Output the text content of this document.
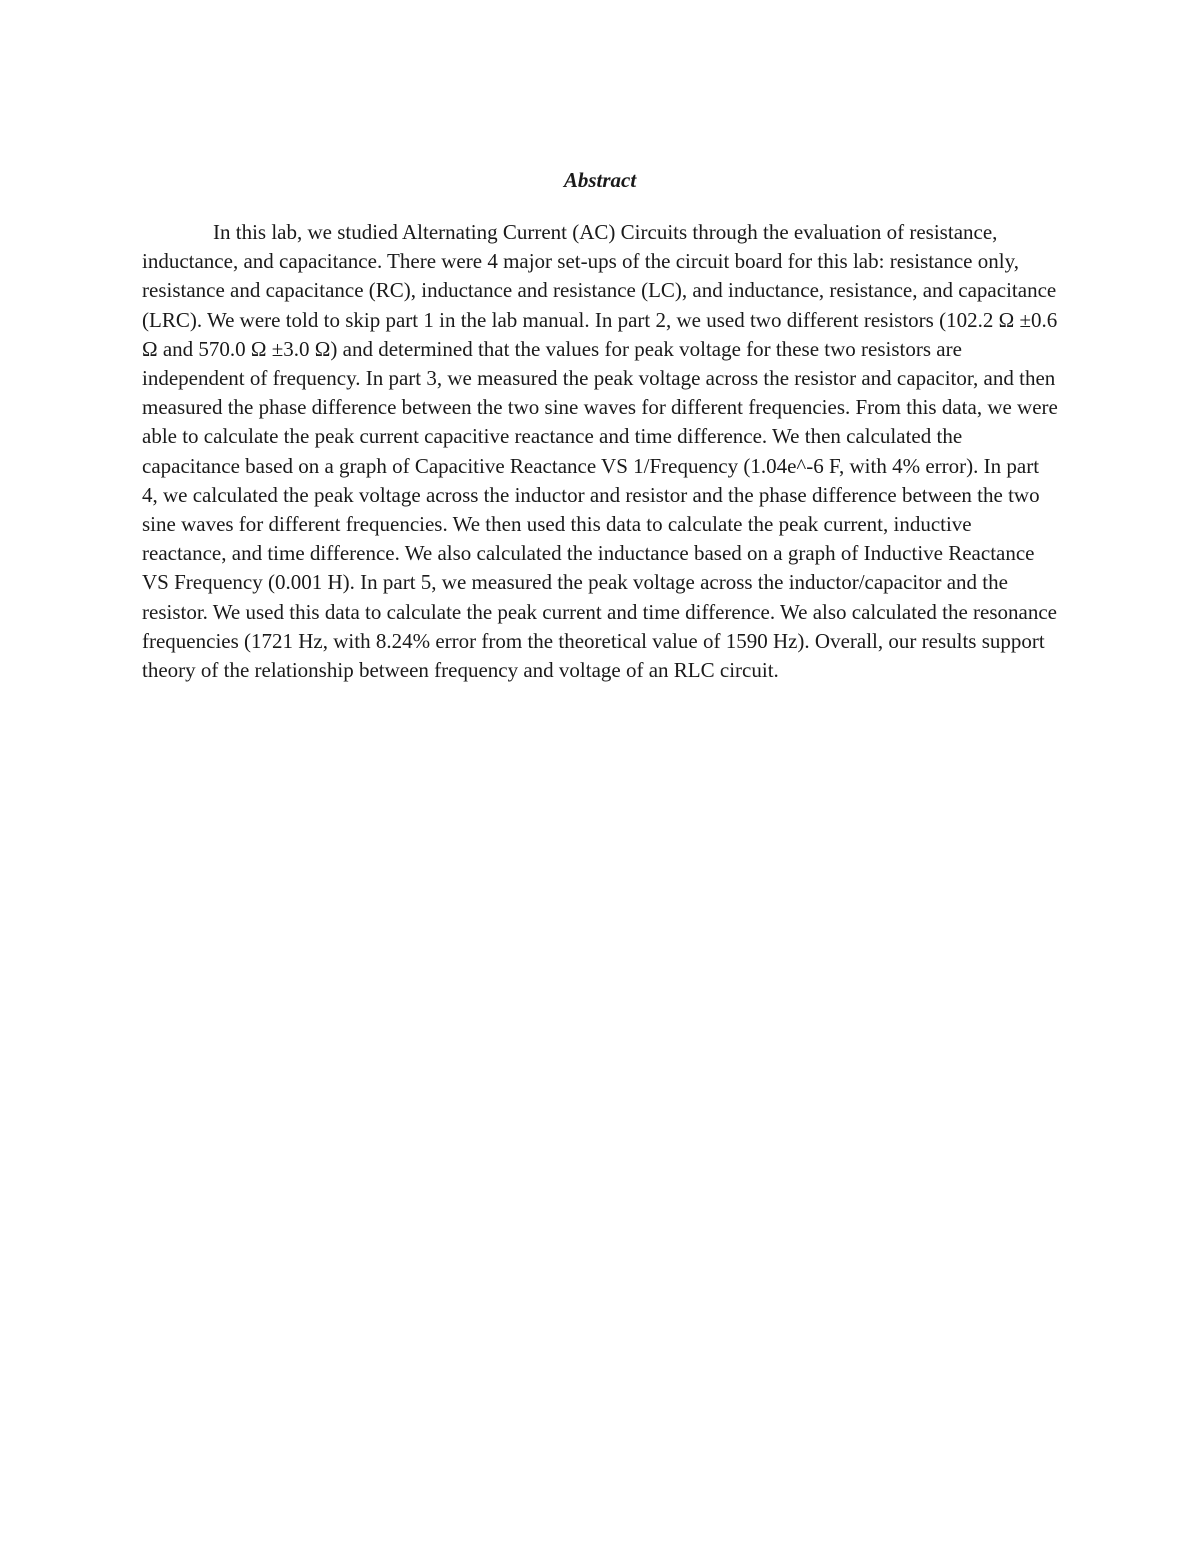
Abstract

In this lab, we studied Alternating Current (AC) Circuits through the evaluation of resistance, inductance, and capacitance. There were 4 major set-ups of the circuit board for this lab: resistance only, resistance and capacitance (RC), inductance and resistance (LC), and inductance, resistance, and capacitance (LRC). We were told to skip part 1 in the lab manual. In part 2, we used two different resistors (102.2 Ω ±0.6 Ω and 570.0 Ω ±3.0 Ω) and determined that the values for peak voltage for these two resistors are independent of frequency. In part 3, we measured the peak voltage across the resistor and capacitor, and then measured the phase difference between the two sine waves for different frequencies. From this data, we were able to calculate the peak current capacitive reactance and time difference. We then calculated the capacitance based on a graph of Capacitive Reactance VS 1/Frequency (1.04e^-6 F, with 4% error). In part 4, we calculated the peak voltage across the inductor and resistor and the phase difference between the two sine waves for different frequencies. We then used this data to calculate the peak current, inductive reactance, and time difference. We also calculated the inductance based on a graph of Inductive Reactance VS Frequency (0.001 H). In part 5, we measured the peak voltage across the inductor/capacitor and the resistor. We used this data to calculate the peak current and time difference. We also calculated the resonance frequencies (1721 Hz, with 8.24% error from the theoretical value of 1590 Hz). Overall, our results support theory of the relationship between frequency and voltage of an RLC circuit.
